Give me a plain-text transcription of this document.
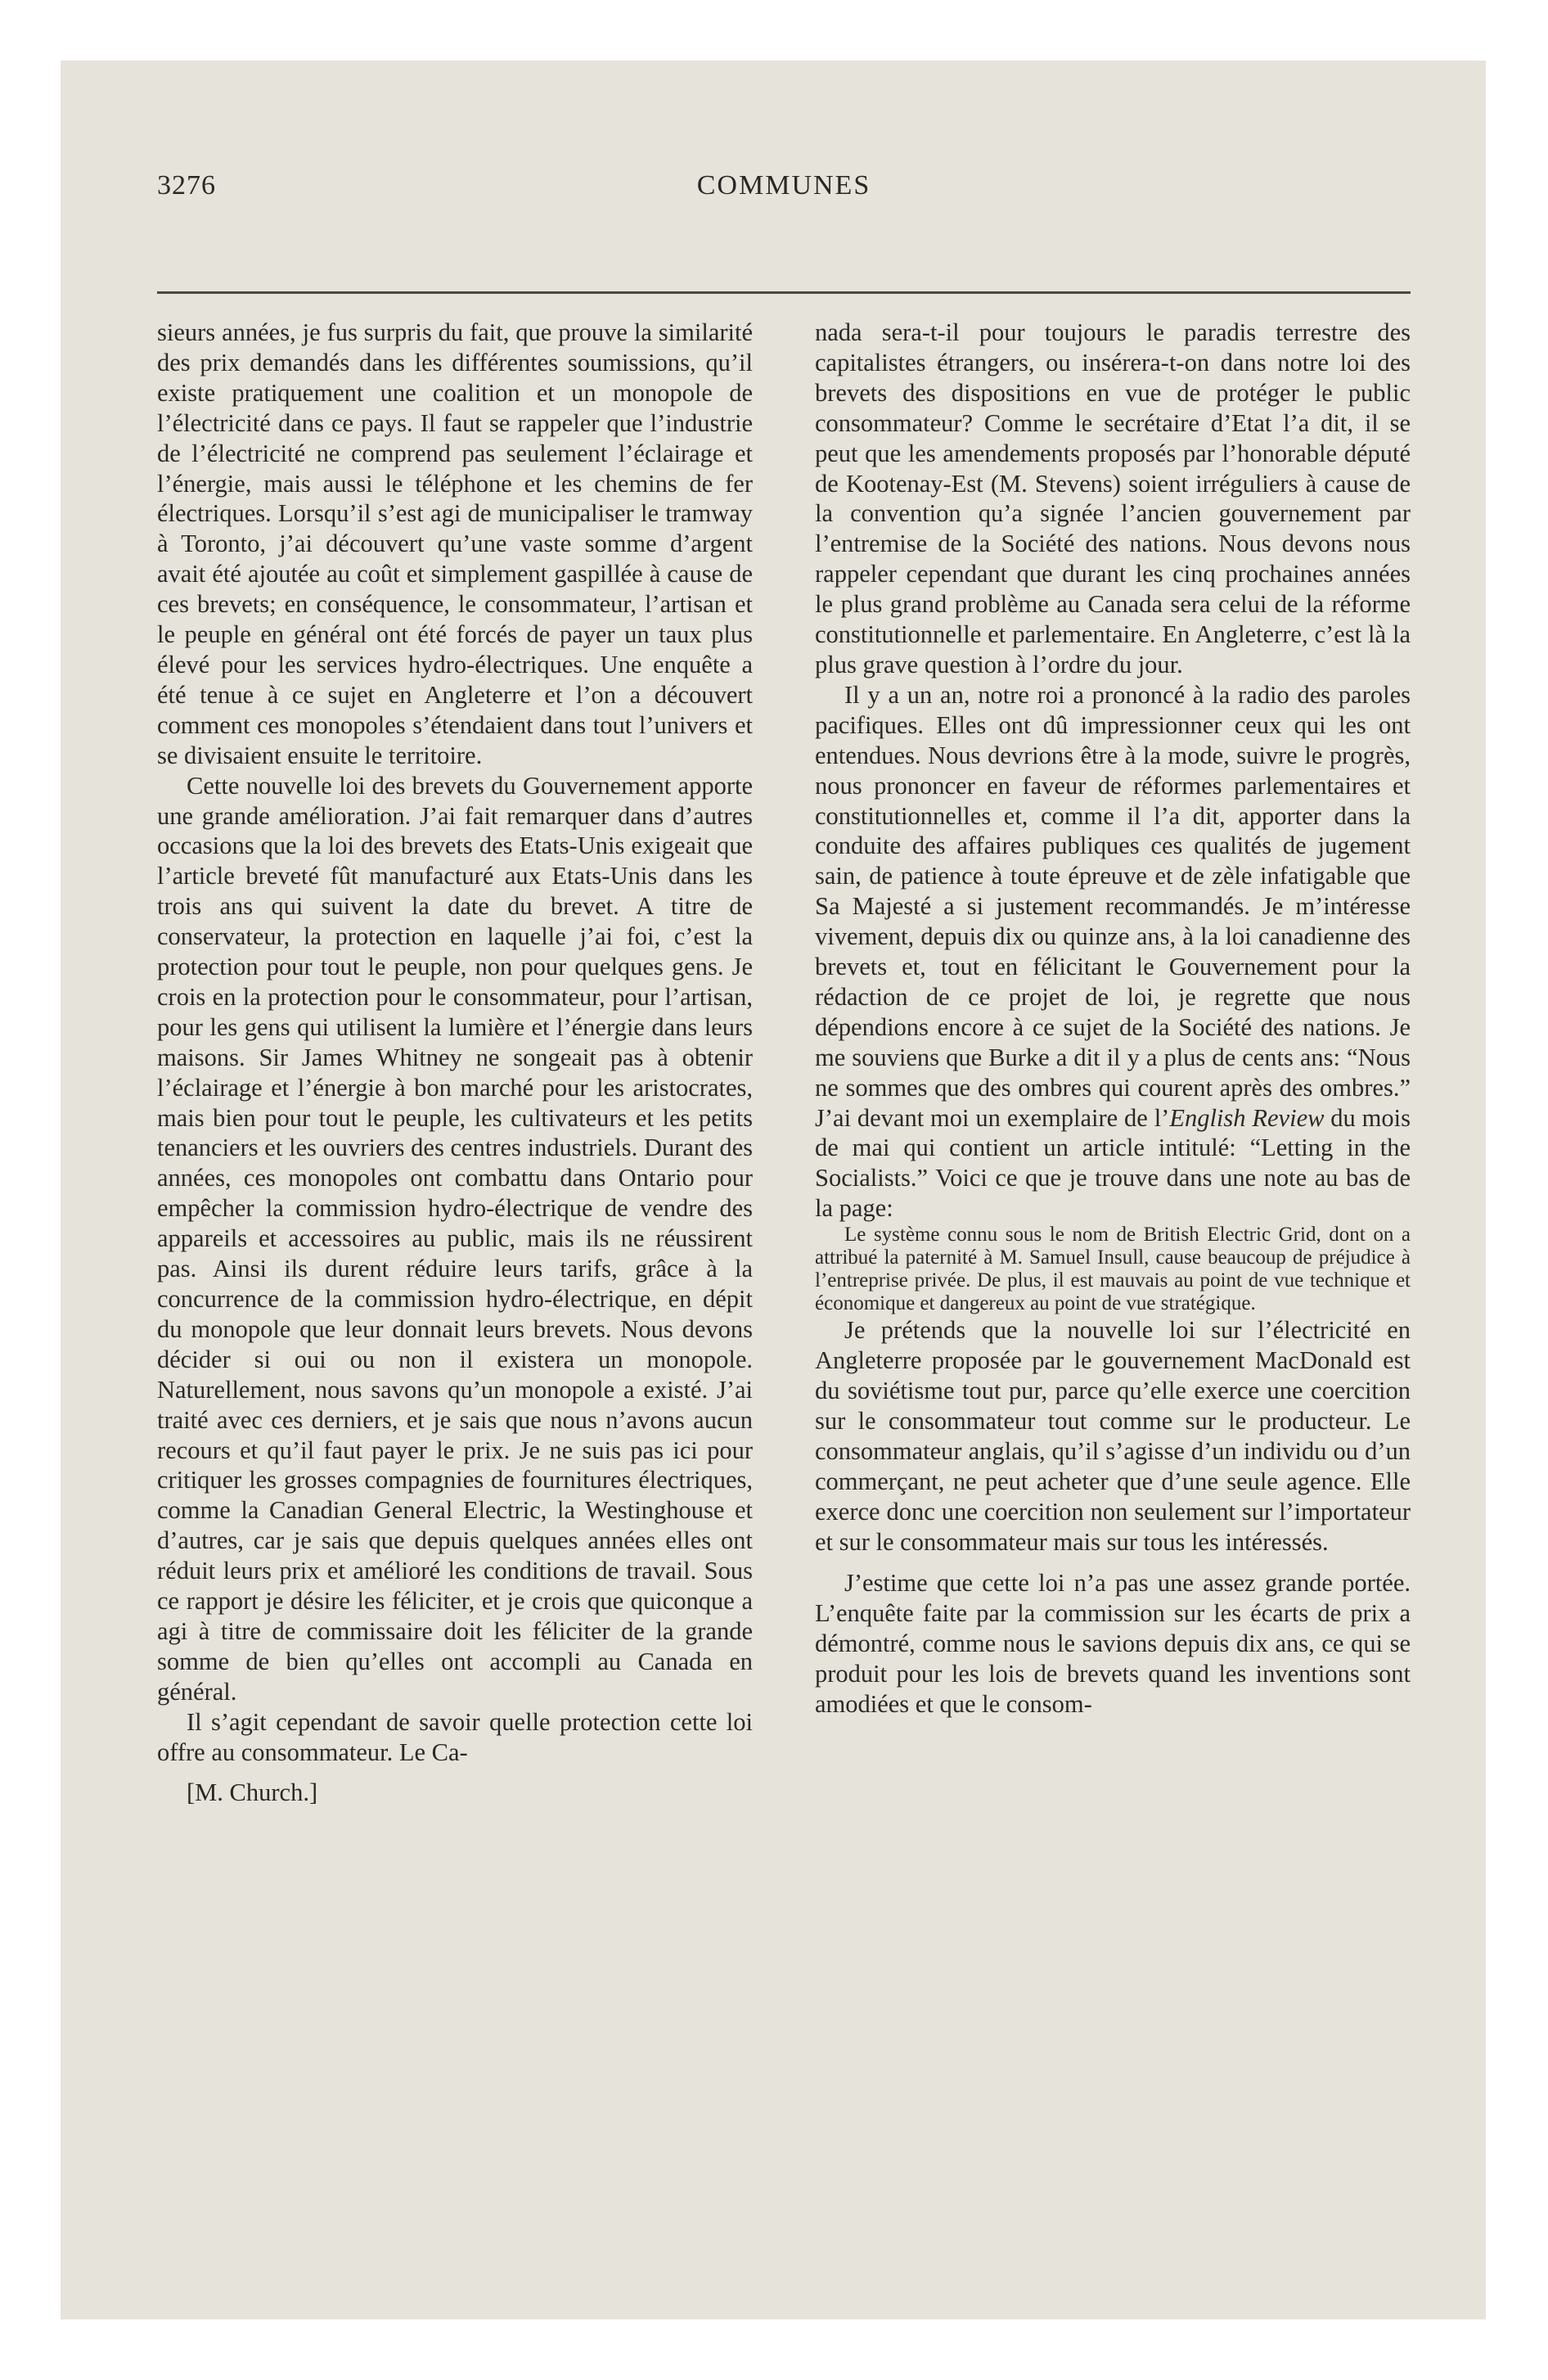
3276	COMMUNES

sieurs années, je fus surpris du fait, que prouve la similarité des prix demandés dans les différentes soumissions, qu’il existe pratiquement une coalition et un monopole de l’électricité dans ce pays. Il faut se rappeler que l’industrie de l’électricité ne comprend pas seulement l’éclairage et l’énergie, mais aussi le téléphone et les chemins de fer électriques. Lorsqu’il s’est agi de municipaliser le tramway à Toronto, j’ai découvert qu’une vaste somme d’argent avait été ajoutée au coût et simplement gaspillée à cause de ces brevets; en conséquence, le consommateur, l’artisan et le peuple en général ont été forcés de payer un taux plus élevé pour les services hydro-électriques. Une enquête a été tenue à ce sujet en Angleterre et l’on a découvert comment ces monopoles s’étendaient dans tout l’univers et se divisaient ensuite le territoire.

Cette nouvelle loi des brevets du Gouvernement apporte une grande amélioration. J’ai fait remarquer dans d’autres occasions que la loi des brevets des Etats-Unis exigeait que l’article breveté fût manufacturé aux Etats-Unis dans les trois ans qui suivent la date du brevet. A titre de conservateur, la protection en laquelle j’ai foi, c’est la protection pour tout le peuple, non pour quelques gens. Je crois en la protection pour le consommateur, pour l’artisan, pour les gens qui utilisent la lumière et l’énergie dans leurs maisons. Sir James Whitney ne songeait pas à obtenir l’éclairage et l’énergie à bon marché pour les aristocrates, mais bien pour tout le peuple, les cultivateurs et les petits tenanciers et les ouvriers des centres industriels. Durant des années, ces monopoles ont combattu dans Ontario pour empêcher la commission hydro-électrique de vendre des appareils et accessoires au public, mais ils ne réussirent pas. Ainsi ils durent réduire leurs tarifs, grâce à la concurrence de la commission hydro-électrique, en dépit du monopole que leur donnait leurs brevets. Nous devons décider si oui ou non il existera un monopole. Naturellement, nous savons qu’un monopole a existé. J’ai traité avec ces derniers, et je sais que nous n’avons aucun recours et qu’il faut payer le prix. Je ne suis pas ici pour critiquer les grosses compagnies de fournitures électriques, comme la Canadian General Electric, la Westinghouse et d’autres, car je sais que depuis quelques années elles ont réduit leurs prix et amélioré les conditions de travail. Sous ce rapport je désire les féliciter, et je crois que quiconque a agi à titre de commissaire doit les féliciter de la grande somme de bien qu’elles ont accompli au Canada en général.

Il s’agit cependant de savoir quelle protection cette loi offre au consommateur. Le Ca-

[M. Church.]

nada sera-t-il pour toujours le paradis terrestre des capitalistes étrangers, ou insérera-t-on dans notre loi des brevets des dispositions en vue de protéger le public consommateur? Comme le secrétaire d’Etat l’a dit, il se peut que les amendements proposés par l’honorable député de Kootenay-Est (M. Stevens) soient irréguliers à cause de la convention qu’a signée l’ancien gouvernement par l’entremise de la Société des nations. Nous devons nous rappeler cependant que durant les cinq prochaines années le plus grand problème au Canada sera celui de la réforme constitutionnelle et parlementaire. En Angleterre, c’est là la plus grave question à l’ordre du jour.

Il y a un an, notre roi a prononcé à la radio des paroles pacifiques. Elles ont dû impressionner ceux qui les ont entendues. Nous devrions être à la mode, suivre le progrès, nous prononcer en faveur de réformes parlementaires et constitutionnelles et, comme il l’a dit, apporter dans la conduite des affaires publiques ces qualités de jugement sain, de patience à toute épreuve et de zèle infatigable que Sa Majesté a si justement recommandés. Je m’intéresse vivement, depuis dix ou quinze ans, à la loi canadienne des brevets et, tout en félicitant le Gouvernement pour la rédaction de ce projet de loi, je regrette que nous dépendions encore à ce sujet de la Société des nations. Je me souviens que Burke a dit il y a plus de cents ans: “Nous ne sommes que des ombres qui courent après des ombres.” J’ai devant moi un exemplaire de l’English Review du mois de mai qui contient un article intitulé: “Letting in the Socialists.” Voici ce que je trouve dans une note au bas de la page:

Le système connu sous le nom de British Electric Grid, dont on a attribué la paternité à M. Samuel Insull, cause beaucoup de préjudice à l’entreprise privée. De plus, il est mauvais au point de vue technique et économique et dangereux au point de vue stratégique.

Je prétends que la nouvelle loi sur l’électricité en Angleterre proposée par le gouvernement MacDonald est du soviétisme tout pur, parce qu’elle exerce une coercition sur le consommateur tout comme sur le producteur. Le consommateur anglais, qu’il s’agisse d’un individu ou d’un commerçant, ne peut acheter que d’une seule agence. Elle exerce donc une coercition non seulement sur l’importateur et sur le consommateur mais sur tous les intéressés.

J’estime que cette loi n’a pas une assez grande portée. L’enquête faite par la commission sur les écarts de prix a démontré, comme nous le savions depuis dix ans, ce qui se produit pour les lois de brevets quand les inventions sont amodiées et que le consom-
